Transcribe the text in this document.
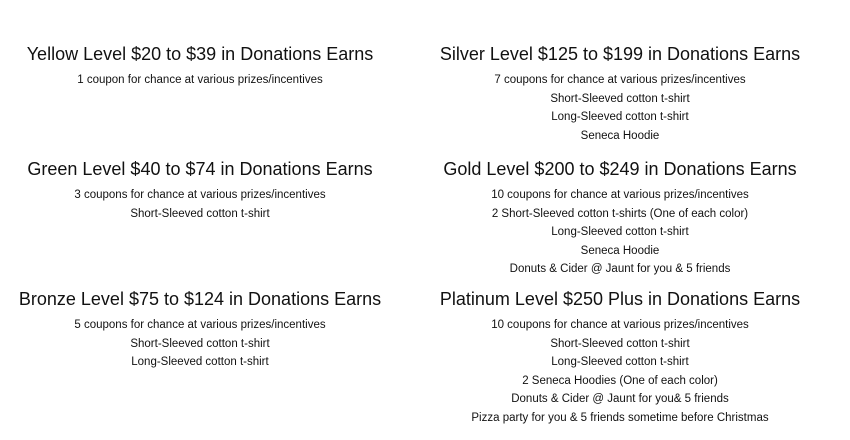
Yellow Level $20 to $39 in Donations Earns
1 coupon for chance at various prizes/incentives
Silver Level $125 to $199 in Donations Earns
7 coupons for chance at various prizes/incentives
Short-Sleeved cotton t-shirt
Long-Sleeved cotton t-shirt
Seneca Hoodie
Green Level $40 to $74 in Donations Earns
3 coupons for chance at various prizes/incentives
Short-Sleeved cotton t-shirt
Gold Level $200 to $249 in Donations Earns
10 coupons for chance at various prizes/incentives
2 Short-Sleeved cotton t-shirts (One of each color)
Long-Sleeved cotton t-shirt
Seneca Hoodie
Donuts & Cider @ Jaunt for you & 5 friends
Bronze Level $75 to $124 in Donations Earns
5 coupons for chance at various prizes/incentives
Short-Sleeved cotton t-shirt
Long-Sleeved cotton t-shirt
Platinum Level $250 Plus in Donations Earns
10 coupons for chance at various prizes/incentives
Short-Sleeved cotton t-shirt
Long-Sleeved cotton t-shirt
2 Seneca Hoodies (One of each color)
Donuts & Cider @ Jaunt for you& 5 friends
Pizza party for you & 5 friends sometime before Christmas
